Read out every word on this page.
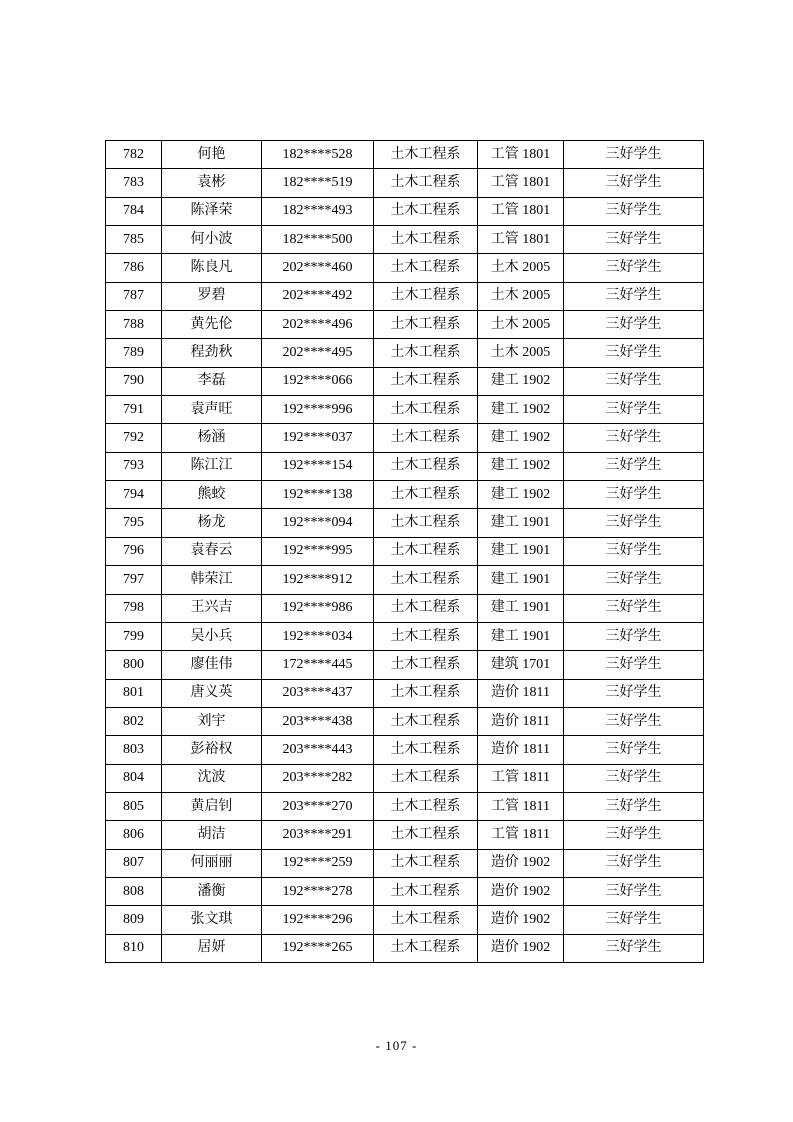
782	何艳	182****528	土木工程系	工管 1801	三好学生
783	袁彬	182****519	土木工程系	工管 1801	三好学生
784	陈泽荣	182****493	土木工程系	工管 1801	三好学生
785	何小波	182****500	土木工程系	工管 1801	三好学生
786	陈良凡	202****460	土木工程系	土木 2005	三好学生
787	罗碧	202****492	土木工程系	土木 2005	三好学生
788	黄先伦	202****496	土木工程系	土木 2005	三好学生
789	程劲秋	202****495	土木工程系	土木 2005	三好学生
790	李磊	192****066	土木工程系	建工 1902	三好学生
791	袁声旺	192****996	土木工程系	建工 1902	三好学生
792	杨涵	192****037	土木工程系	建工 1902	三好学生
793	陈江江	192****154	土木工程系	建工 1902	三好学生
794	熊蛟	192****138	土木工程系	建工 1902	三好学生
795	杨龙	192****094	土木工程系	建工 1901	三好学生
796	袁春云	192****995	土木工程系	建工 1901	三好学生
797	韩荣江	192****912	土木工程系	建工 1901	三好学生
798	王兴吉	192****986	土木工程系	建工 1901	三好学生
799	吴小兵	192****034	土木工程系	建工 1901	三好学生
800	廖佳伟	172****445	土木工程系	建筑 1701	三好学生
801	唐义英	203****437	土木工程系	造价 1811	三好学生
802	刘宇	203****438	土木工程系	造价 1811	三好学生
803	彭裕权	203****443	土木工程系	造价 1811	三好学生
804	沈波	203****282	土木工程系	工管 1811	三好学生
805	黄启钊	203****270	土木工程系	工管 1811	三好学生
806	胡洁	203****291	土木工程系	工管 1811	三好学生
807	何丽丽	192****259	土木工程系	造价 1902	三好学生
808	潘衡	192****278	土木工程系	造价 1902	三好学生
809	张文琪	192****296	土木工程系	造价 1902	三好学生
810	居妍	192****265	土木工程系	造价 1902	三好学生
- 107 -
